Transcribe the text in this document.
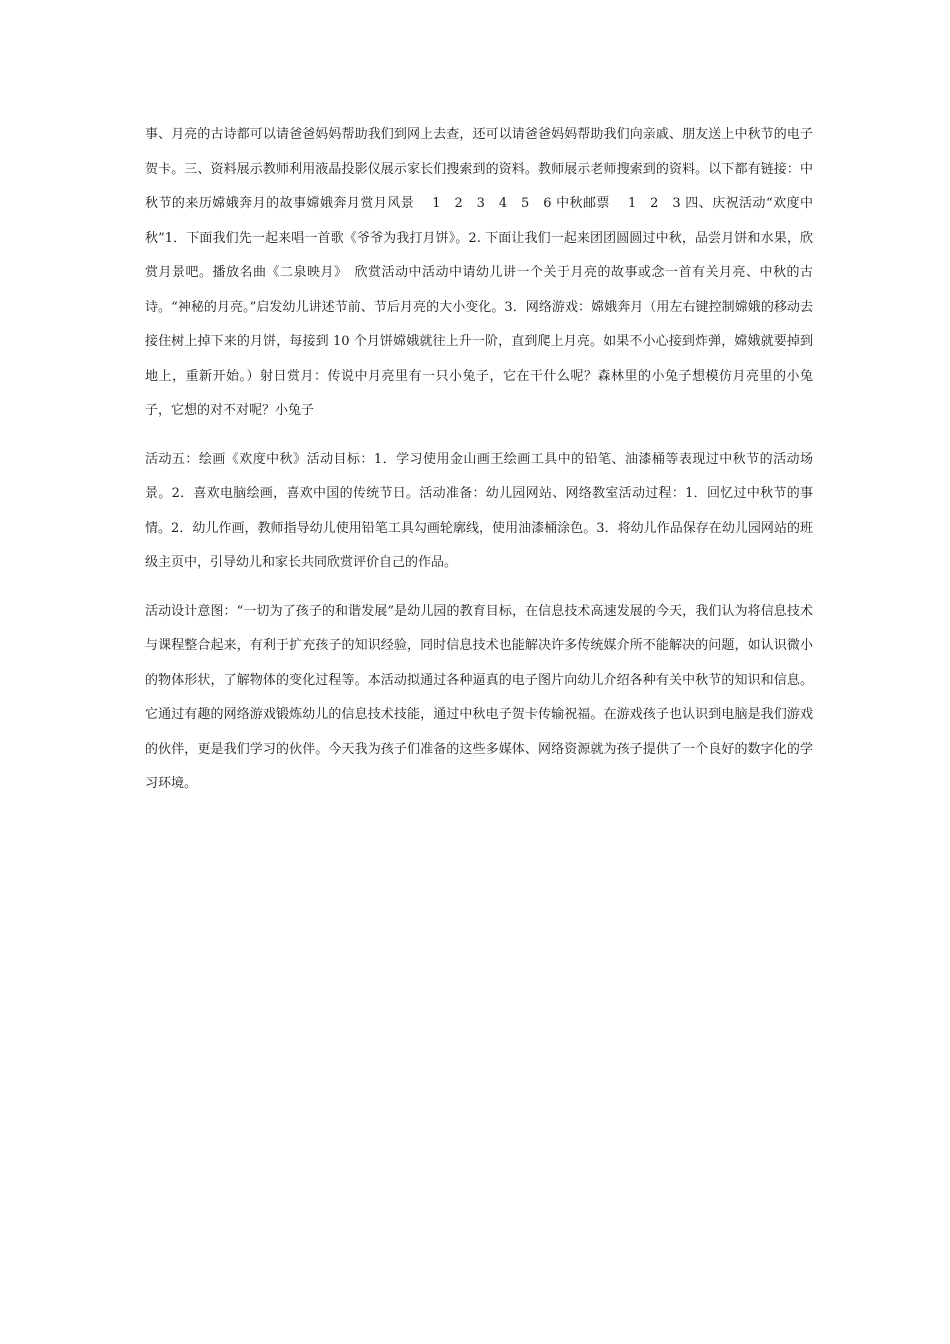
事、月亮的古诗都可以请爸爸妈妈帮助我们到网上去查，还可以请爸爸妈妈帮助我们向亲戚、朋友送上中秋节的电子贺卡。三、资料展示教师利用液晶投影仪展示家长们搜索到的资料。教师展示老师搜索到的资料。以下都有链接：中秋节的来历嫦娥奔月的故事嫦娥奔月赏月风景　 1　2　3　4　5　6 中秋邮票　 1　2　3 四、庆祝活动“欢度中秋”1．下面我们先一起来唱一首歌《爷爷为我打月饼》。2. 下面让我们一起来团团圆圆过中秋，品尝月饼和水果，欣赏月景吧。播放名曲《二泉映月》　欣赏活动中活动中请幼儿讲一个关于月亮的故事或念一首有关月亮、中秋的古诗。“神秘的月亮。”启发幼儿讲述节前、节后月亮的大小变化。3．网络游戏：嫦娥奔月（用左右键控制嫦娥的移动去接住树上掉下来的月饼，每接到 10 个月饼嫦娥就往上升一阶，直到爬上月亮。如果不小心接到炸弹，嫦娥就要掉到地上，重新开始。）射日赏月：传说中月亮里有一只小兔子，它在干什么呢？森林里的小兔子想模仿月亮里的小兔子，它想的对不对呢？小兔子

活动五：绘画《欢度中秋》活动目标：1．学习使用金山画王绘画工具中的铅笔、油漆桶等表现过中秋节的活动场景。2．喜欢电脑绘画，喜欢中国的传统节日。活动准备：幼儿园网站、网络教室活动过程：1．回忆过中秋节的事情。2．幼儿作画，教师指导幼儿使用铅笔工具勾画轮廓线，使用油漆桶涂色。3．将幼儿作品保存在幼儿园网站的班级主页中，引导幼儿和家长共同欣赏评价自己的作品。

活动设计意图：“一切为了孩子的和谐发展”是幼儿园的教育目标，在信息技术高速发展的今天，我们认为将信息技术与课程整合起来，有利于扩充孩子的知识经验，同时信息技术也能解决许多传统媒介所不能解决的问题，如认识微小的物体形状，了解物体的变化过程等。本活动拟通过各种逼真的电子图片向幼儿介绍各种有关中秋节的知识和信息。它通过有趣的网络游戏锻炼幼儿的信息技术技能，通过中秋电子贺卡传输祝福。在游戏孩子也认识到电脑是我们游戏的伙伴，更是我们学习的伙伴。今天我为孩子们准备的这些多媒体、网络资源就为孩子提供了一个良好的数字化的学习环境。
